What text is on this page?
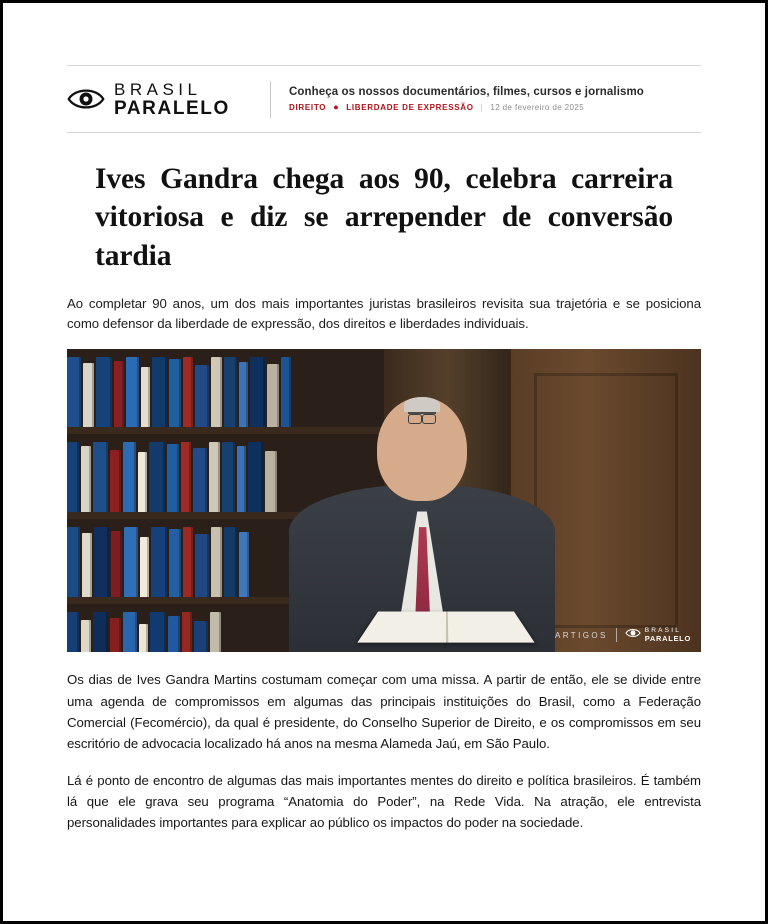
BRASIL
PARALELO
Conheça os nossos documentários, filmes, cursos e jornalismo
DIREITO ● LIBERDADE DE EXPRESSÃO | 12 de fevereiro de 2025
Ives Gandra chega aos 90, celebra carreira vitoriosa e diz se arrepender de conversão tardia

Ao completar 90 anos, um dos mais importantes juristas brasileiros revisita sua trajetória e se posiciona como defensor da liberdade de expressão, dos direitos e liberdades individuais.

ARTIGOS
BRASIL
PARALELO

Os dias de Ives Gandra Martins costumam começar com uma missa. A partir de então, ele se divide entre uma agenda de compromissos em algumas das principais instituições do Brasil, como a Federação Comercial (Fecomércio), da qual é presidente, do Conselho Superior de Direito, e os compromissos em seu escritório de advocacia localizado há anos na mesma Alameda Jaú, em São Paulo.

Lá é ponto de encontro de algumas das mais importantes mentes do direito e política brasileiros. É também lá que ele grava seu programa “Anatomia do Poder”, na Rede Vida. Na atração, ele entrevista personalidades importantes para explicar ao público os impactos do poder na sociedade.
